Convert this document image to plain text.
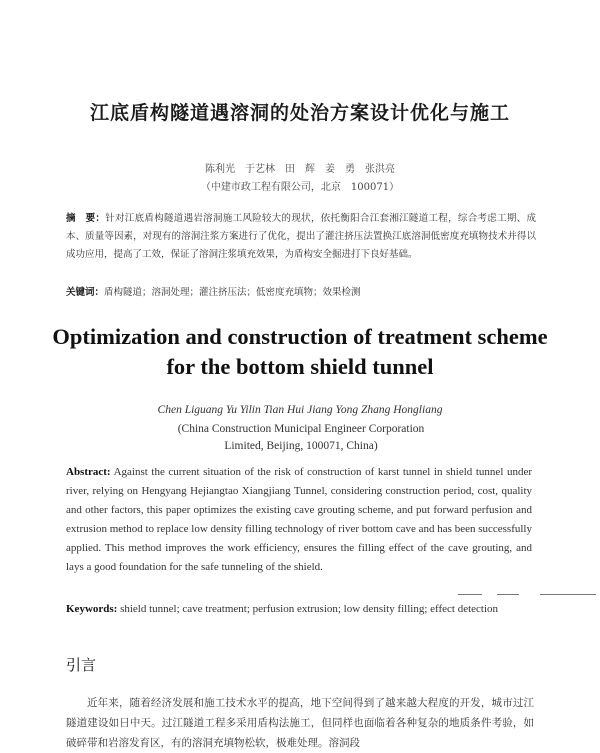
江底盾构隧道遇溶洞的处治方案设计优化与施工
陈利光　于艺林　田　辉　姜　勇　张洪亮
（中建市政工程有限公司，北京　100071）
摘　要：针对江底盾构隧道遇岩溶洞施工风险较大的现状，依托衡阳合江套湘江隧道工程，综合考虑工期、成本、质量等因素，对现有的溶洞注浆方案进行了优化，提出了灌注挤压法置换江底溶洞低密度充填物技术并得以成功应用，提高了工效，保证了溶洞注浆填充效果，为盾构安全掘进打下良好基础。
关键词：盾构隧道；溶洞处理；灌注挤压法；低密度充填物；效果检测
Optimization and construction of treatment scheme
for the bottom shield tunnel
Chen Liguang Yu Yilin Tian Hui Jiang Yong Zhang Hongliang
(China Construction Municipal Engineer Corporation Limited, Beijing, 100071, China)
Abstract: Against the current situation of the risk of construction of karst tunnel in shield tunnel under river, relying on Hengyang Hejiangtao Xiangjiang Tunnel, considering construction period, cost, quality and other factors, this paper optimizes the existing cave grouting scheme, and put forward perfusion and extrusion method to replace low density filling technology of river bottom cave and has been successfully applied. This method improves the work efficiency, ensures the filling effect of the cave grouting, and lays a good foundation for the safe tunneling of the shield.
Keywords: shield tunnel; cave treatment; perfusion extrusion; low density filling; effect detection
引言
近年来，随着经济发展和施工技术水平的提高，地下空间得到了越来越大程度的开发，城市过江隧道建设如日中天。过江隧道工程多采用盾构法施工，但同样也面临着各种复杂的地质条件考验，如破碎带和岩溶发育区，有的溶洞充填物松软，极难处理。溶洞段
